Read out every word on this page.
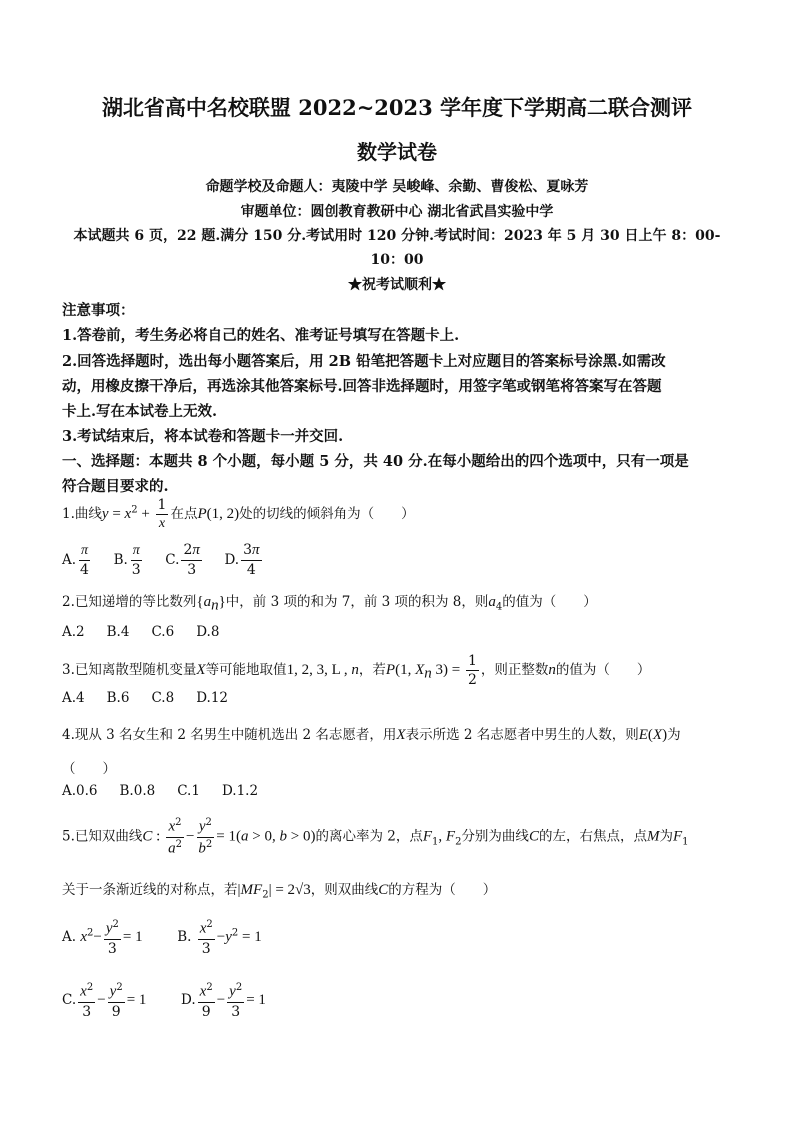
湖北省高中名校联盟 2022~2023 学年度下学期高二联合测评
数学试卷
命题学校及命题人：夷陵中学 吴峻峰、余勤、曹俊松、夏咏芳
审题单位：圆创教育教研中心 湖北省武昌实验中学
本试题共 6 页，22 题.满分 150 分.考试用时 120 分钟.考试时间：2023 年 5 月 30 日上午 8：00-
10：00
★祝考试顺利★
注意事项：
1.答卷前，考生务必将自己的姓名、准考证号填写在答题卡上.
2.回答选择题时，选出每小题答案后，用 2B 铅笔把答题卡上对应题目的答案标号涂黑.如需改
动，用橡皮擦干净后，再选涂其他答案标号.回答非选择题时，用签字笔或钢笔将答案写在答题
卡上.写在本试卷上无效.
3.考试结束后，将本试卷和答题卡一并交回.
一、选择题：本题共 8 个小题，每小题 5 分，共 40 分.在每小题给出的四个选项中，只有一项是
符合题目要求的.
1.曲线$y = x^2 + \frac{1}{x}$ 在点P(1, 2)处的切线的倾斜角为（　　）
A. $\frac{\pi}{4} B$. $\frac{\pi}{3} C$. $\frac{2\pi}{3} D$. $\frac{3\pi}{4}$
2.已知递增的等比数列$\{a_n\}$中，前 3 项的和为 7，前 3 项的积为 8，则$a_4$的值为（　　）
A.2 B.4 C.6 D.8
3.已知离散型随机变量X等可能地取值1, 2, 3, L , n，若P(1, $X_n$ $3) = \frac{1}{2}$ ，则正整数n的值为（　　）
A.4 B.6 C.8 D.12
4.现从 3 名女生和 2 名男生中随机选出 2 名志愿者，用X表示所选 2 名志愿者中男生的人数，则E(X)为
（　　）
A.0.6 B.0.8 C.1 D.1.2
5.已知双曲线C : $\frac{x^2}{a^2} - \frac{y^2}{b^2} = 1(a > 0$, b > 0)的离心率为 2，点$F_1$, $F_2$分别为曲线C的左，右焦点，点M为$F_1$
关于一条渐近线的对称点，若$|MF_2| = 2√3$，则双曲线C的方程为（　　）
A. $x^2- \frac{y^2}{3} = 1$	B. $\frac{x^2}{3} -y^2 = 1$
C. $\frac{x^2}{3} - \frac{y^2}{9} = 1$	D. $\frac{x^2}{9} - \frac{y^2}{3} = 1$
